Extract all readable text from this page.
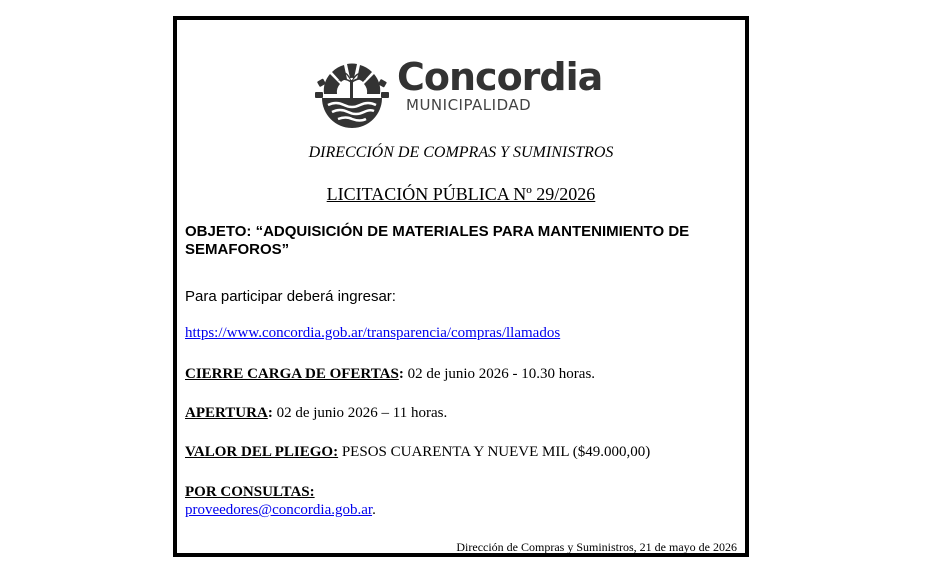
Concordia
MUNICIPALIDAD
DIRECCIÓN DE COMPRAS Y SUMINISTROS
LICITACIÓN PÚBLICA Nº 29/2026
OBJETO: “ADQUISICIÓN DE MATERIALES PARA MANTENIMIENTO DE SEMAFOROS”
Para participar deberá ingresar:
https://www.concordia.gob.ar/transparencia/compras/llamados
CIERRE CARGA DE OFERTAS: 02 de junio 2026 - 10.30 horas.
APERTURA: 02 de junio 2026 – 11 horas.
VALOR DEL PLIEGO: PESOS CUARENTA Y NUEVE MIL ($49.000,00)
POR CONSULTAS:
proveedores@concordia.gob.ar.
Dirección de Compras y Suministros, 21 de mayo de 2026
